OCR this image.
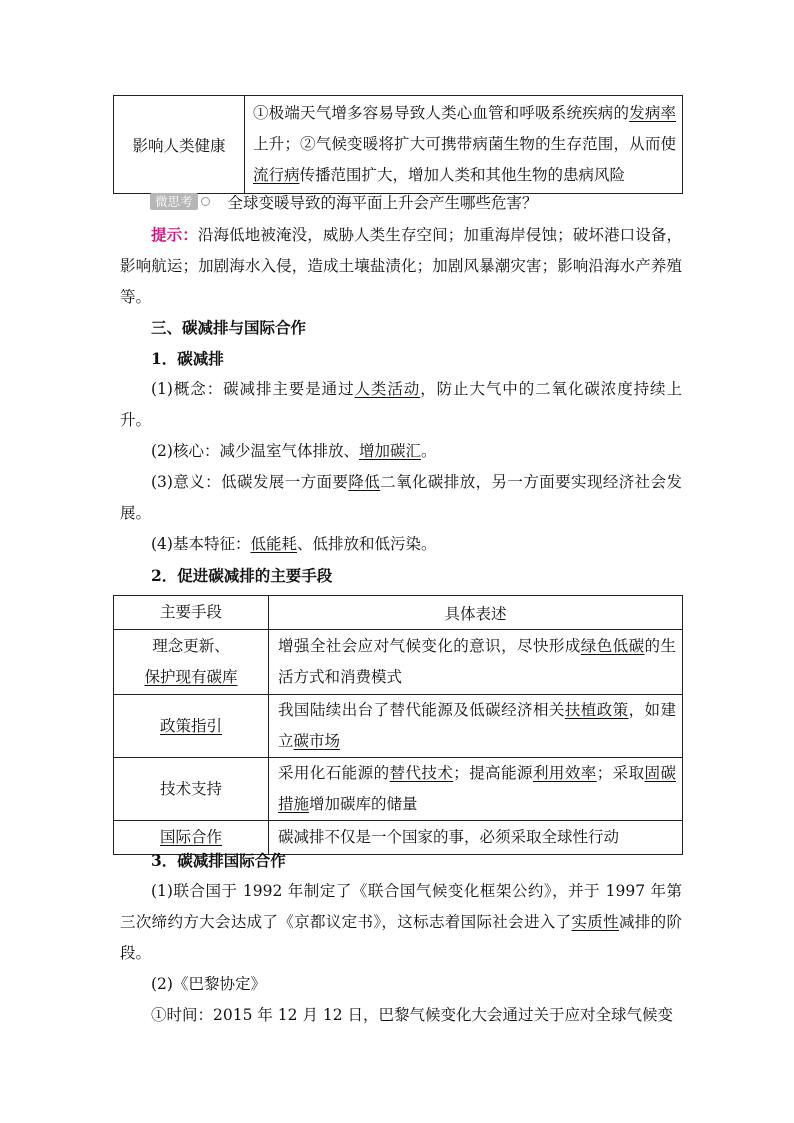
影响人类健康	①极端天气增多容易导致人类心血管和呼吸系统疾病的发病率上升；②气候变暖将扩大可携带病菌生物的生存范围，从而使流行病传播范围扩大，增加人类和其他生物的患病风险
微思考 全球变暖导致的海平面上升会产生哪些危害？
提示：沿海低地被淹没，威胁人类生存空间；加重海岸侵蚀；破坏港口设备，影响航运；加剧海水入侵，造成土壤盐渍化；加剧风暴潮灾害；影响沿海水产养殖等。
三、碳减排与国际合作
1．碳减排
(1)概念：碳减排主要是通过人类活动，防止大气中的二氧化碳浓度持续上升。
(2)核心：减少温室气体排放、增加碳汇。
(3)意义：低碳发展一方面要降低二氧化碳排放，另一方面要实现经济社会发展。
(4)基本特征：低能耗、低排放和低污染。
2．促进碳减排的主要手段
主要手段	具体表述
理念更新、
保护现有碳库	增强全社会应对气候变化的意识，尽快形成绿色低碳的生活方式和消费模式
政策指引	我国陆续出台了替代能源及低碳经济相关扶植政策，如建立碳市场
技术支持	采用化石能源的替代技术；提高能源利用效率；采取固碳措施增加碳库的储量
国际合作	碳减排不仅是一个国家的事，必须采取全球性行动
3．碳减排国际合作
(1)联合国于 1992 年制定了《联合国气候变化框架公约》，并于 1997 年第三次缔约方大会达成了《京都议定书》，这标志着国际社会进入了实质性减排的阶段。
(2)《巴黎协定》
①时间：2015 年 12 月 12 日，巴黎气候变化大会通过关于应对全球气候变
